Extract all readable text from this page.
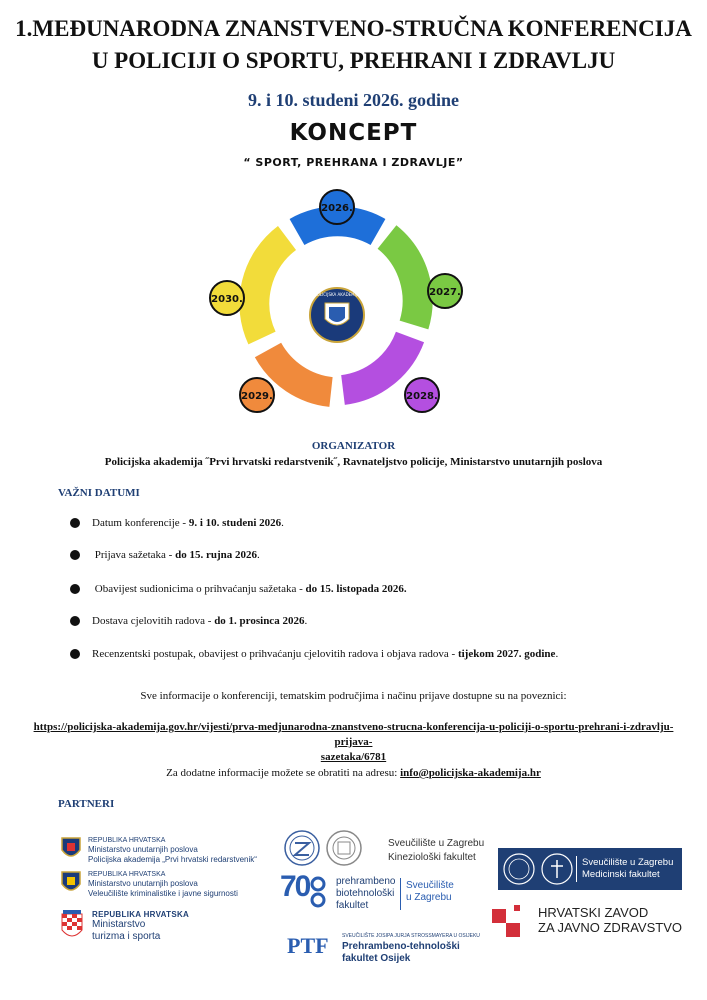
1.MEĐUNARODNA ZNANSTVENO-STRUČNA KONFERENCIJA
U POLICIJI O SPORTU, PREHRANI I ZDRAVLJU
9. i 10. studeni 2026. godine
KONCEPT
“ SPORT, PREHRANA I ZDRAVLJE”
POLICIJSKA AKADEMIJA
2026.
2027.
2028.
2029.
2030.
ORGANIZATOR
Policijska akademija ˝Prvi hrvatski redarstvenik˝, Ravnateljstvo policije, Ministarstvo unutarnjih poslova
VAŽNI DATUMI
Datum konferencije - 9. i 10. studeni 2026.
Prijava sažetaka - do 15. rujna 2026.
Obavijest sudionicima o prihvaćanju sažetaka - do 15. listopada 2026.
Dostava cjelovitih radova - do 1. prosinca 2026.
Recenzentski postupak, obavijest o prihvaćanju cjelovitih radova i objava radova - tijekom 2027. godine.
Sve informacije o konferenciji, tematskim područjima i načinu prijave dostupne su na poveznici:
https://policijska-akademija.gov.hr/vijesti/prva-medjunarodna-znanstveno-strucna-konferencija-u-policiji-o-sportu-prehrani-i-zdravlju-prijava-
sazetaka/6781
Za dodatne informacije možete se obratiti na adresu: info@policijska-akademija.hr
PARTNERI
REPUBLIKA HRVATSKA
Ministarstvo unutarnjih poslova
Policijska akademija „Prvi hrvatski redarstvenik“
REPUBLIKA HRVATSKA
Ministarstvo unutarnjih poslova
Veleučilište kriminalistike i javne sigurnosti
REPUBLIKA HRVATSKA
Ministarstvo
turizma i sporta
Sveučilište u Zagrebu
Kineziološki fakultet
70	prehrambeno
biotehnološki
fakultet
Sveučilište
u Zagrebu
PTF	SVEUČILIŠTE JOSIPA JURJA STROSSMAYERA U OSIJEKU
Prehrambeno-tehnološki
fakultet Osijek
Sveučilište u Zagrebu
Medicinski fakultet
HRVATSKI ZAVOD
ZA JAVNO ZDRAVSTVO
